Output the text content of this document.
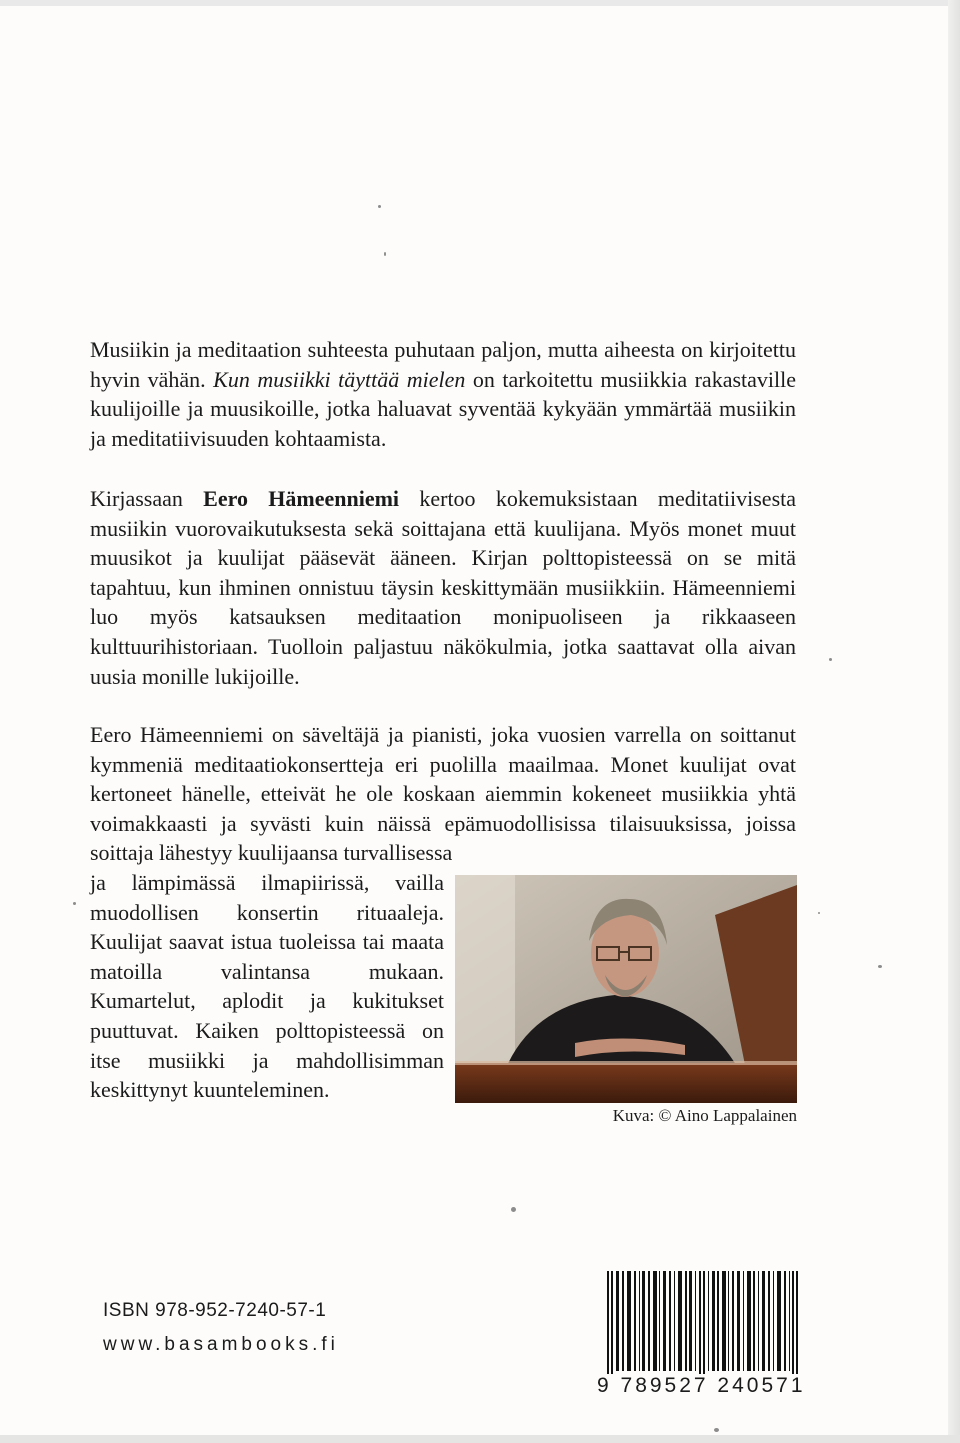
Musiikin ja meditaation suhteesta puhutaan paljon, mutta aiheesta on kirjoitettu hyvin vähän. Kun musiikki täyttää mielen on tarkoitettu musiikkia rakastaville kuulijoille ja muusikoille, jotka haluavat syventää kykyään ymmärtää musiikin ja meditatiivisuuden kohtaamista.

Kirjassaan Eero Hämeenniemi kertoo kokemuksistaan meditatiivisesta musiikin vuorovaikutuksesta sekä soittajana että kuulijana. Myös monet muut muusikot ja kuulijat pääsevät ääneen. Kirjan polttopisteessä on se mitä tapahtuu, kun ihminen onnistuu täysin keskittymään musiikkiin. Hämeenniemi luo myös katsauksen meditaation monipuoliseen ja rikkaaseen kulttuurihistoriaan. Tuolloin paljastuu näkökulmia, jotka saattavat olla aivan uusia monille lukijoille.

Eero Hämeenniemi on säveltäjä ja pianisti, joka vuosien varrella on soittanut kymmeniä meditaatiokonsertteja eri puolilla maailmaa. Monet kuulijat ovat kertoneet hänelle, etteivät he ole koskaan aiemmin kokeneet musiikkia yhtä voimakkaasti ja syvästi kuin näissä epämuodollisissa tilaisuuksissa, joissa soittaja lähestyy kuulijaansa turvallisessa

ja lämpimässä ilmapiirissä, vailla muodollisen konsertin rituaaleja. Kuulijat saavat istua tuoleissa tai maata matoilla valintansa mukaan. Kumartelut, aplodit ja kukitukset puuttuvat. Kaiken polttopisteessä on itse musiikki ja mahdollisimman keskittynyt kuunteleminen.

Kuva: © Aino Lappalainen

ISBN 978-952-7240-57-1

www.basambooks.fi

9 789527 240571
